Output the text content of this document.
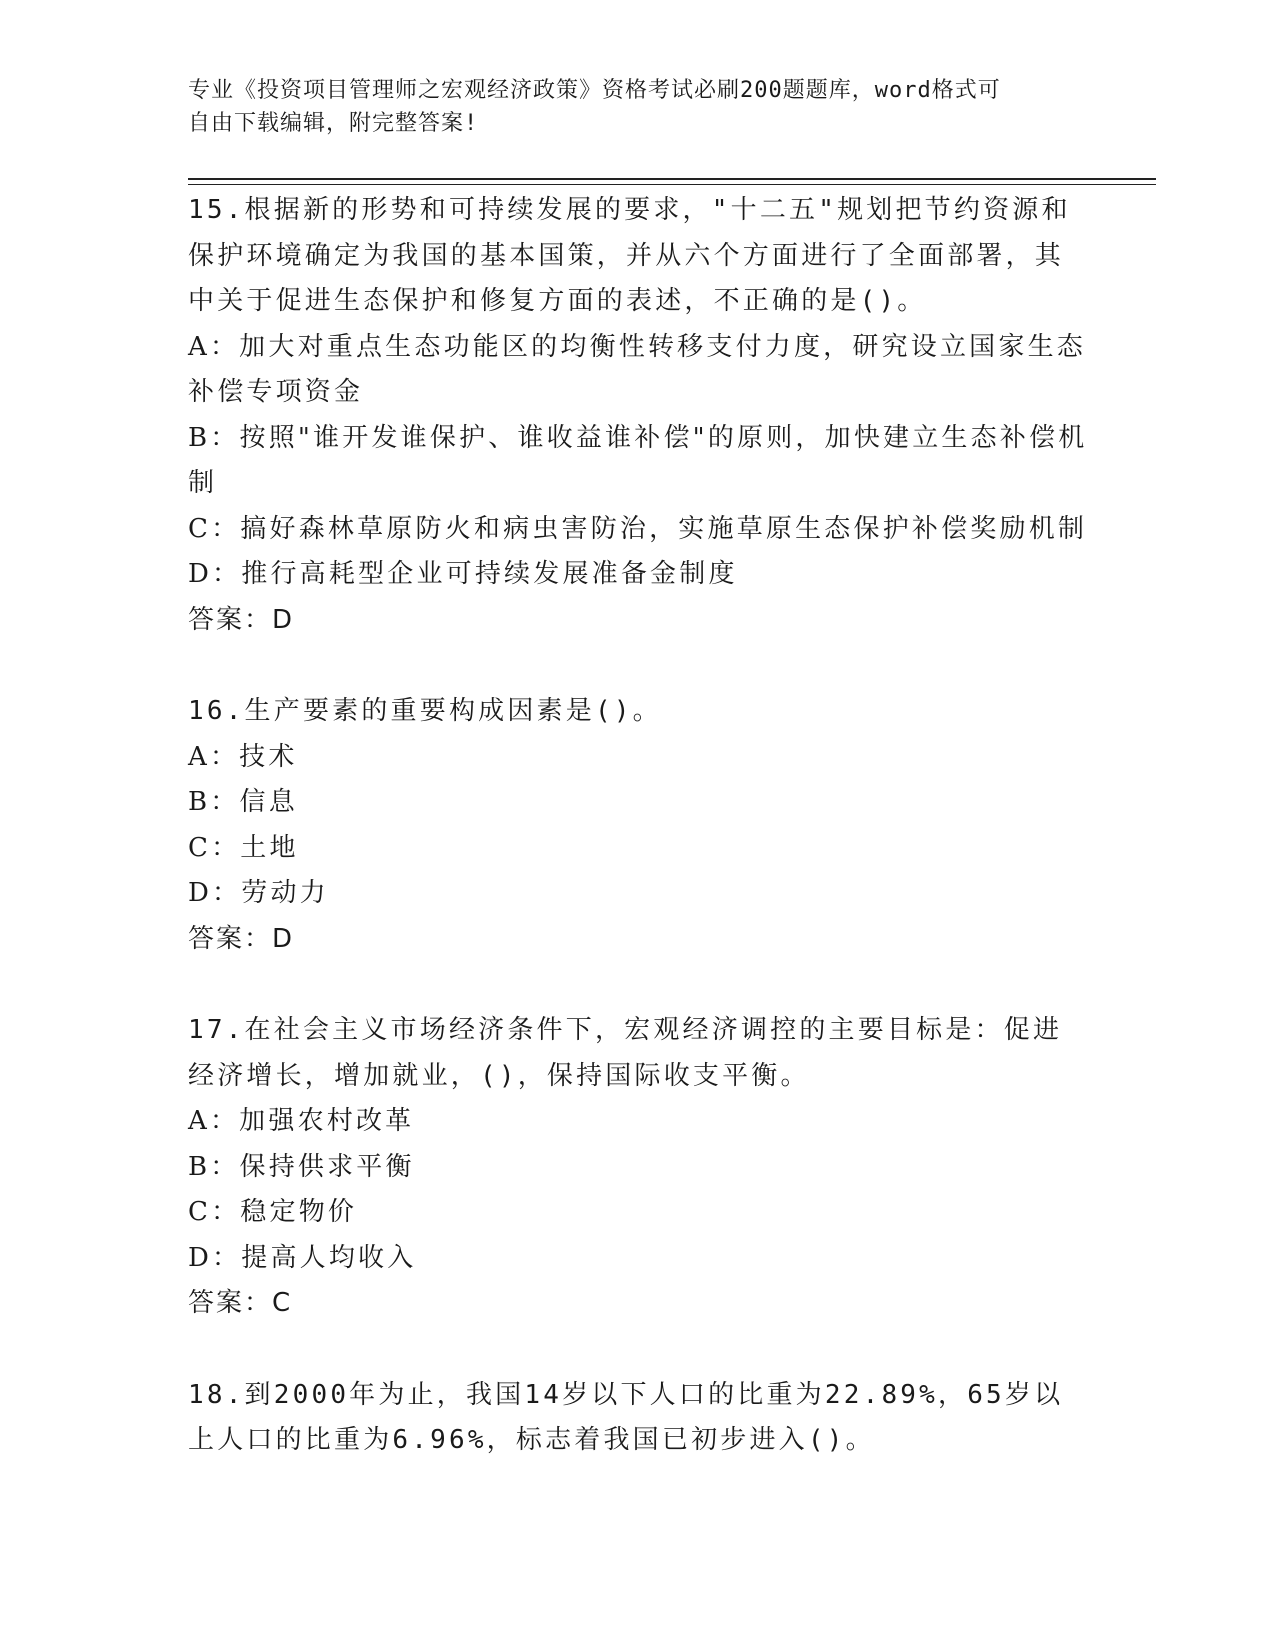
专业《投资项目管理师之宏观经济政策》资格考试必刷200题题库，word格式可
自由下载编辑，附完整答案!
15.根据新的形势和可持续发展的要求，"十二五"规划把节约资源和保护环境确定为我国的基本国策，并从六个方面进行了全面部署，其中关于促进生态保护和修复方面的表述，不正确的是()。
A：加大对重点生态功能区的均衡性转移支付力度，研究设立国家生态补偿专项资金
B：按照"谁开发谁保护、谁收益谁补偿"的原则，加快建立生态补偿机制
C：搞好森林草原防火和病虫害防治，实施草原生态保护补偿奖励机制
D：推行高耗型企业可持续发展准备金制度
答案：D
16.生产要素的重要构成因素是()。
A：技术
B：信息
C：土地
D：劳动力
答案：D
17.在社会主义市场经济条件下，宏观经济调控的主要目标是：促进经济增长，增加就业，()，保持国际收支平衡。
A：加强农村改革
B：保持供求平衡
C：稳定物价
D：提高人均收入
答案：C
18.到2000年为止，我国14岁以下人口的比重为22.89%，65岁以上人口的比重为6.96%，标志着我国已初步进入()。
